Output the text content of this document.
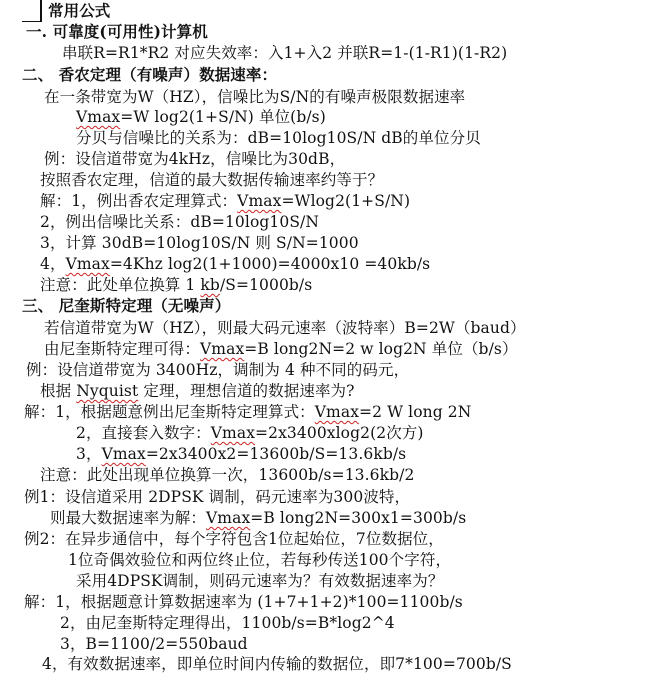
常用公式
一. 可靠度(可用性)计算机
串联R=R1*R2 对应失效率：入1+入2 并联R=1-(1-R1)(1-R2)
二、 香农定理（有噪声）数据速率：
在一条带宽为W（HZ），信噪比为S/N的有噪声极限数据速率
Vmax=W log2(1+S/N) 单位(b/s)
分贝与信噪比的关系为：dB=10log10S/N dB的单位分贝
例：设信道带宽为4kHz，信噪比为30dB，
按照香农定理，信道的最大数据传输速率约等于？
解：1，例出香农定理算式：Vmax=Wlog2(1+S/N)
2，例出信噪比关系：dB=10log10S/N
3，计算 30dB=10log10S/N 则 S/N=1000
4，Vmax=4Khz log2(1+1000)=4000x10 =40kb/s
注意：此处单位换算 1 kb/S=1000b/s
三、 尼奎斯特定理（无噪声）
若信道带宽为W（HZ），则最大码元速率（波特率）B=2W（baud）
由尼奎斯特定理可得：Vmax=B long2N=2 w log2N 单位（b/s）
例：设信道带宽为 3400Hz，调制为 4 种不同的码元，
根据 Nyquist 定理，理想信道的数据速率为?
解：1，根据题意例出尼奎斯特定理算式：Vmax=2 W long 2N
2，直接套入数字：Vmax=2x3400xlog2(2次方)
3，Vmax=2x3400x2=13600b/S=13.6kb/s
注意：此处出现单位换算一次，13600b/s=13.6kb/2
例1：设信道采用 2DPSK 调制，码元速率为300波特，
则最大数据速率为解：Vmax=B long2N=300x1=300b/s
例2：在异步通信中，每个字符包含1位起始位，7位数据位，
1位奇偶效验位和两位终止位，若每秒传送100个字符，
采用4DPSK调制，则码元速率为？有效数据速率为？
解：1，根据题意计算数据速率为 (1+7+1+2)*100=1100b/s
2，由尼奎斯特定理得出，1100b/s=B*log2^4
3，B=1100/2=550baud
4，有效数据速率，即单位时间内传输的数据位，即7*100=700b/S
